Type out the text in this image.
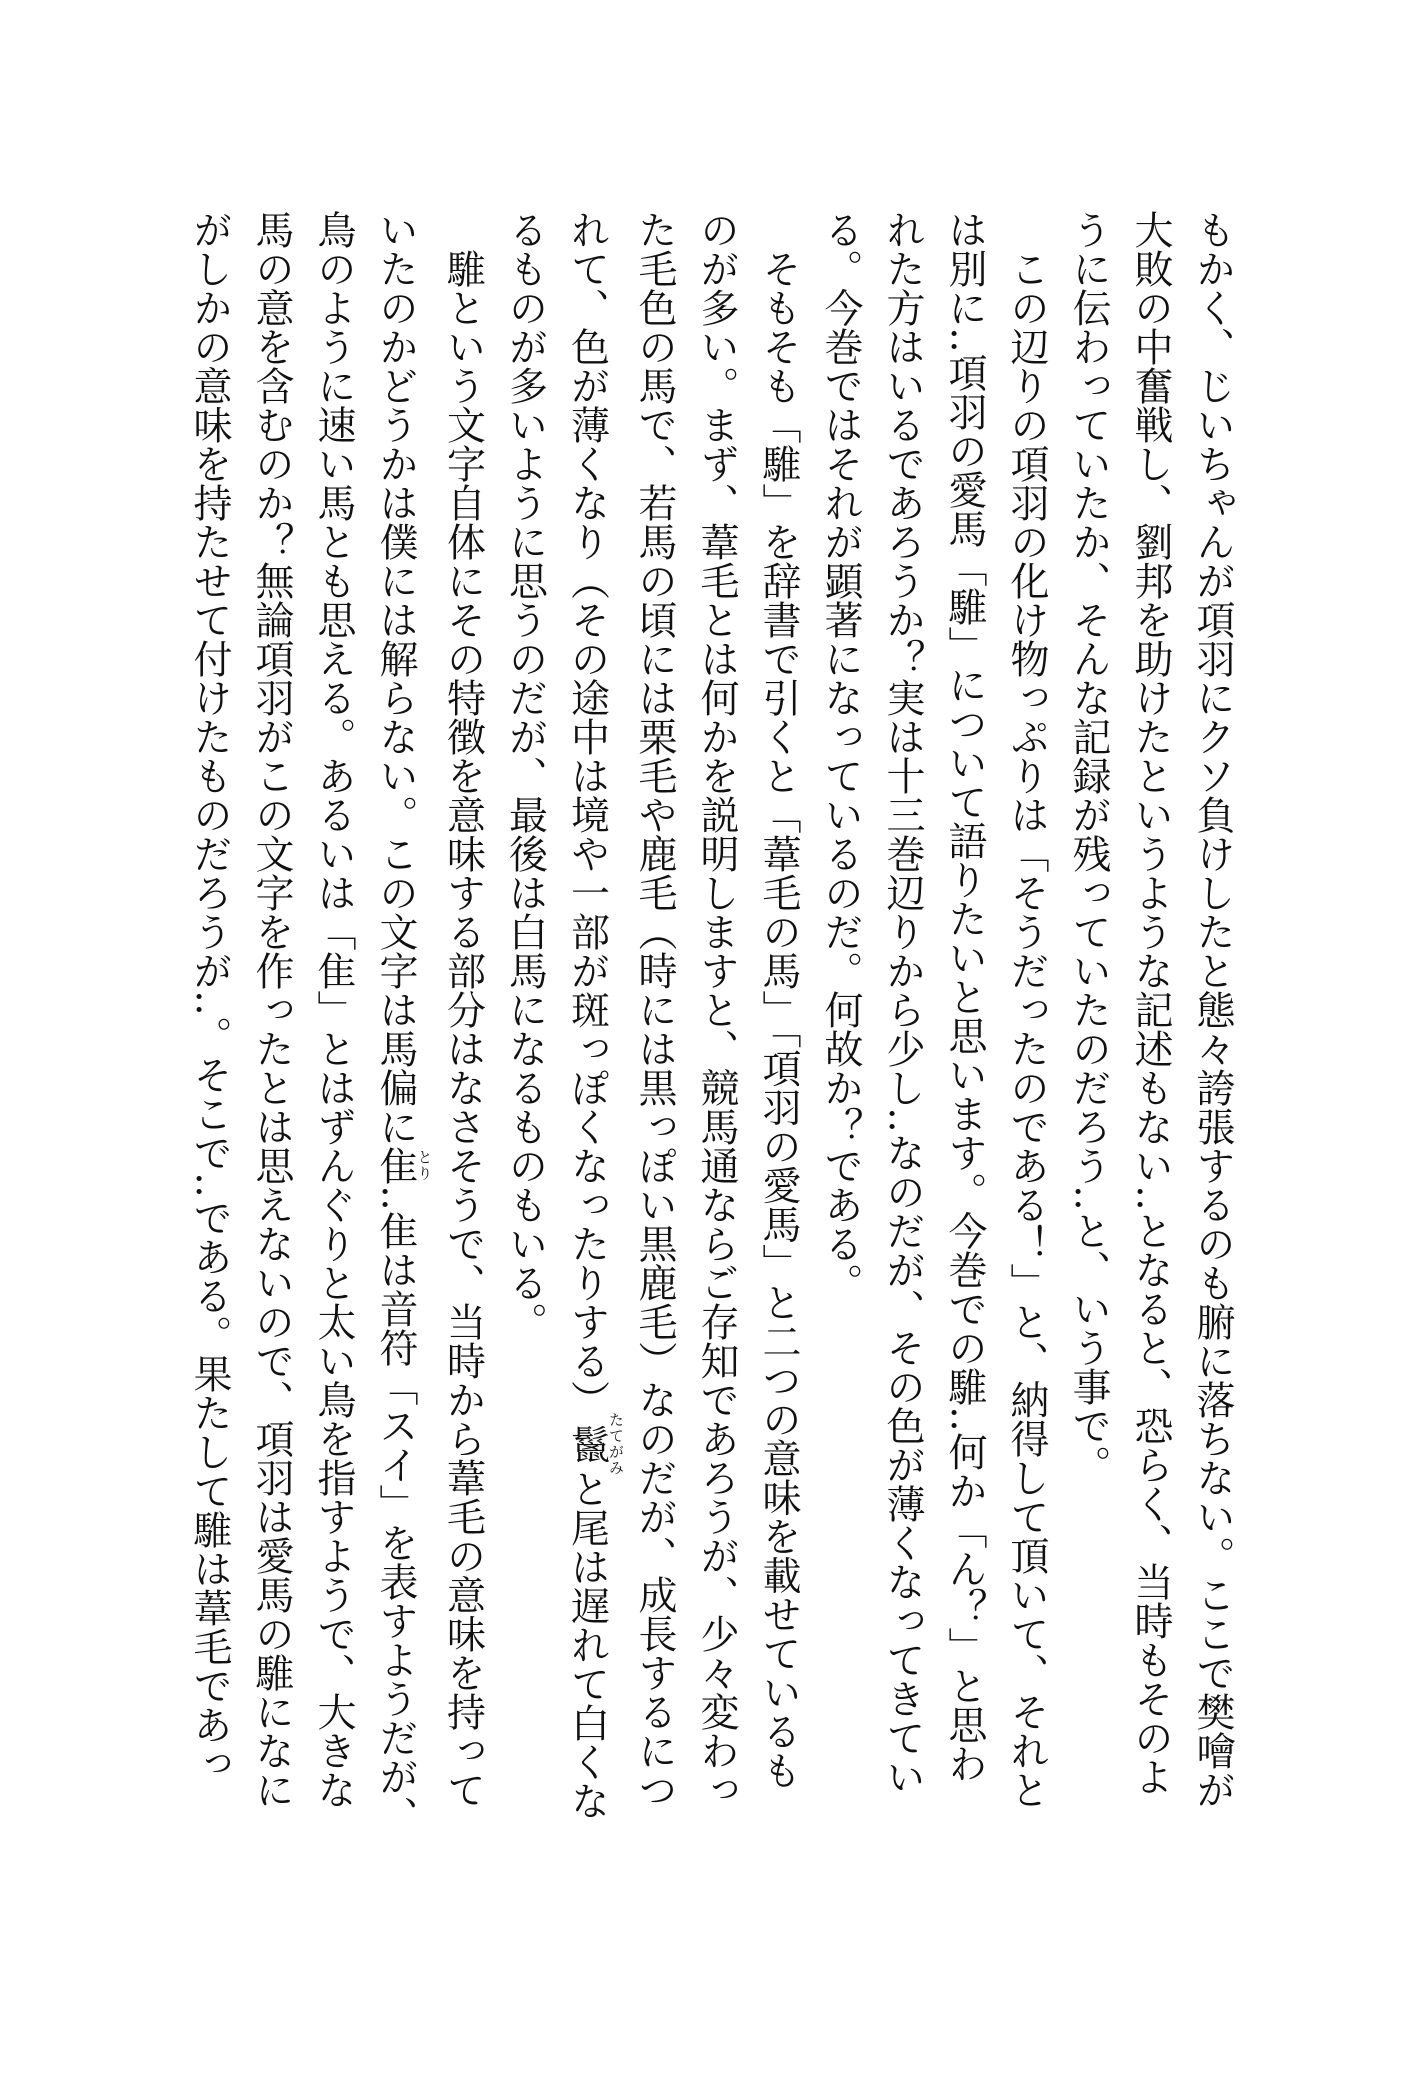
もかく、じいちゃんが項羽にクソ負けしたと態々誇張するのも腑に落ちない。ここで樊噲が
大敗の中奮戦し、劉邦を助けたというような記述もない‥となると、恐らく、当時もそのよ
うに伝わっていたか、そんな記録が残っていたのだろう‥と、いう事で。
　この辺りの項羽の化け物っぷりは「そうだったのである！」と、納得して頂いて、それと
は別に‥項羽の愛馬「騅」について語りたいと思います。今巻での騅‥何か「ん？」と思わ
れた方はいるであろうか？実は十三巻辺りから少し‥なのだが、その色が薄くなってきてい
る。今巻ではそれが顕著になっているのだ。何故か？である。
　そもそも「騅」を辞書で引くと「葦毛の馬」「項羽の愛馬」と二つの意味を載せているも
のが多い。まず、葦毛とは何かを説明しますと、競馬通ならご存知であろうが、少々変わっ
た毛色の馬で、若馬の頃には栗毛や鹿毛（時には黒っぽい黒鹿毛）なのだが、成長するにつ
れて、色が薄くなり（その途中は境や一部が斑っぽくなったりする）鬣たてがみと尾は遅れて白くな
るものが多いように思うのだが、最後は白馬になるものもいる。
　騅という文字自体にその特徴を意味する部分はなさそうで、当時から葦毛の意味を持って
いたのかどうかは僕には解らない。この文字は馬偏に隹とり‥隹は音符「スイ」を表すようだが、
鳥のように速い馬とも思える。あるいは「隹」とはずんぐりと太い鳥を指すようで、大きな
馬の意を含むのか？無論項羽がこの文字を作ったとは思えないので、項羽は愛馬の騅になに
がしかの意味を持たせて付けたものだろうが‥。そこで‥である。果たして騅は葦毛であっ
